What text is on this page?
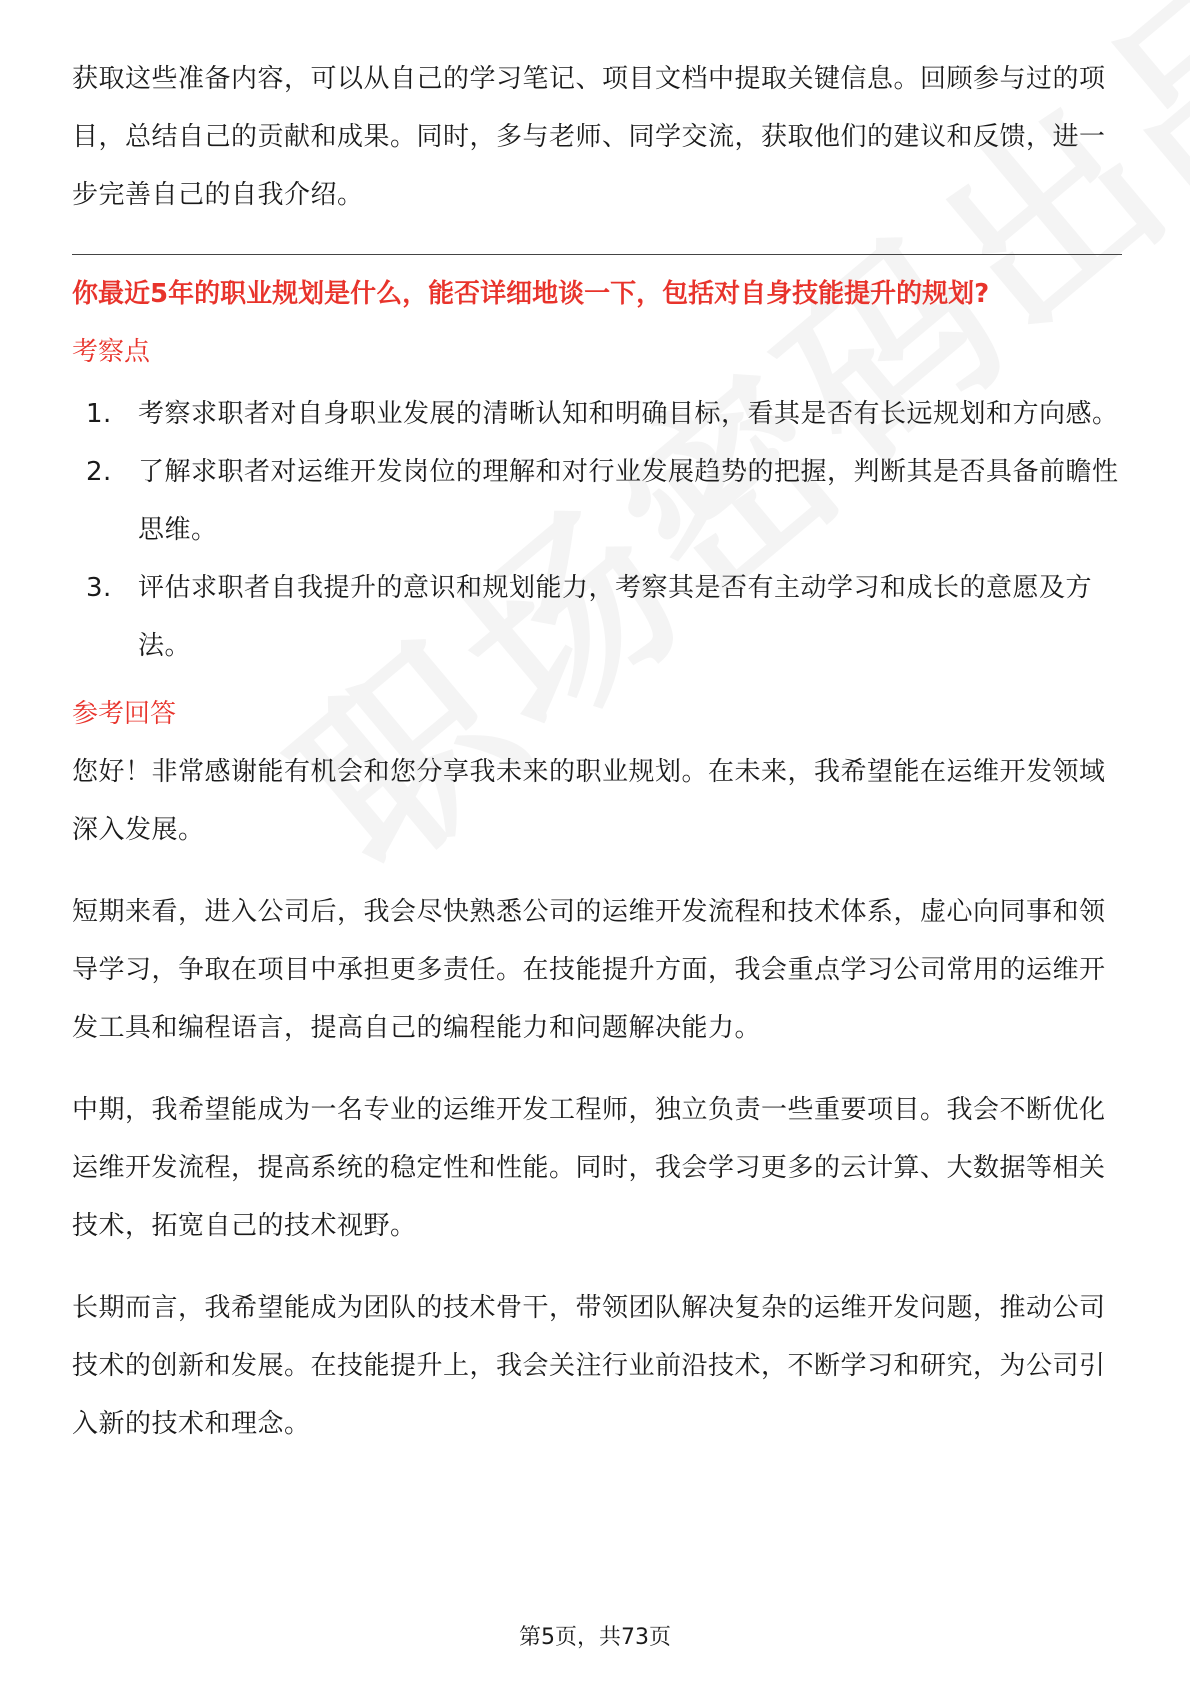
获取这些准备内容，可以从自己的学习笔记、项目文档中提取关键信息。回顾参与过的项目，总结自己的贡献和成果。同时，多与老师、同学交流，获取他们的建议和反馈，进一步完善自己的自我介绍。

你最近5年的职业规划是什么，能否详细地谈一下，包括对自身技能提升的规划?

考察点

1.	考察求职者对自身职业发展的清晰认知和明确目标，看其是否有长远规划和方向感。
2.	了解求职者对运维开发岗位的理解和对行业发展趋势的把握，判断其是否具备前瞻性思维。
3.	评估求职者自我提升的意识和规划能力，考察其是否有主动学习和成长的意愿及方法。

参考回答

您好！非常感谢能有机会和您分享我未来的职业规划。在未来，我希望能在运维开发领域深入发展。

短期来看，进入公司后，我会尽快熟悉公司的运维开发流程和技术体系，虚心向同事和领导学习，争取在项目中承担更多责任。在技能提升方面，我会重点学习公司常用的运维开发工具和编程语言，提高自己的编程能力和问题解决能力。

中期，我希望能成为一名专业的运维开发工程师，独立负责一些重要项目。我会不断优化运维开发流程，提高系统的稳定性和性能。同时，我会学习更多的云计算、大数据等相关技术，拓宽自己的技术视野。

长期而言，我希望能成为团队的技术骨干，带领团队解决复杂的运维开发问题，推动公司技术的创新和发展。在技能提升上，我会关注行业前沿技术，不断学习和研究，为公司引入新的技术和理念。

第5页，共73页
